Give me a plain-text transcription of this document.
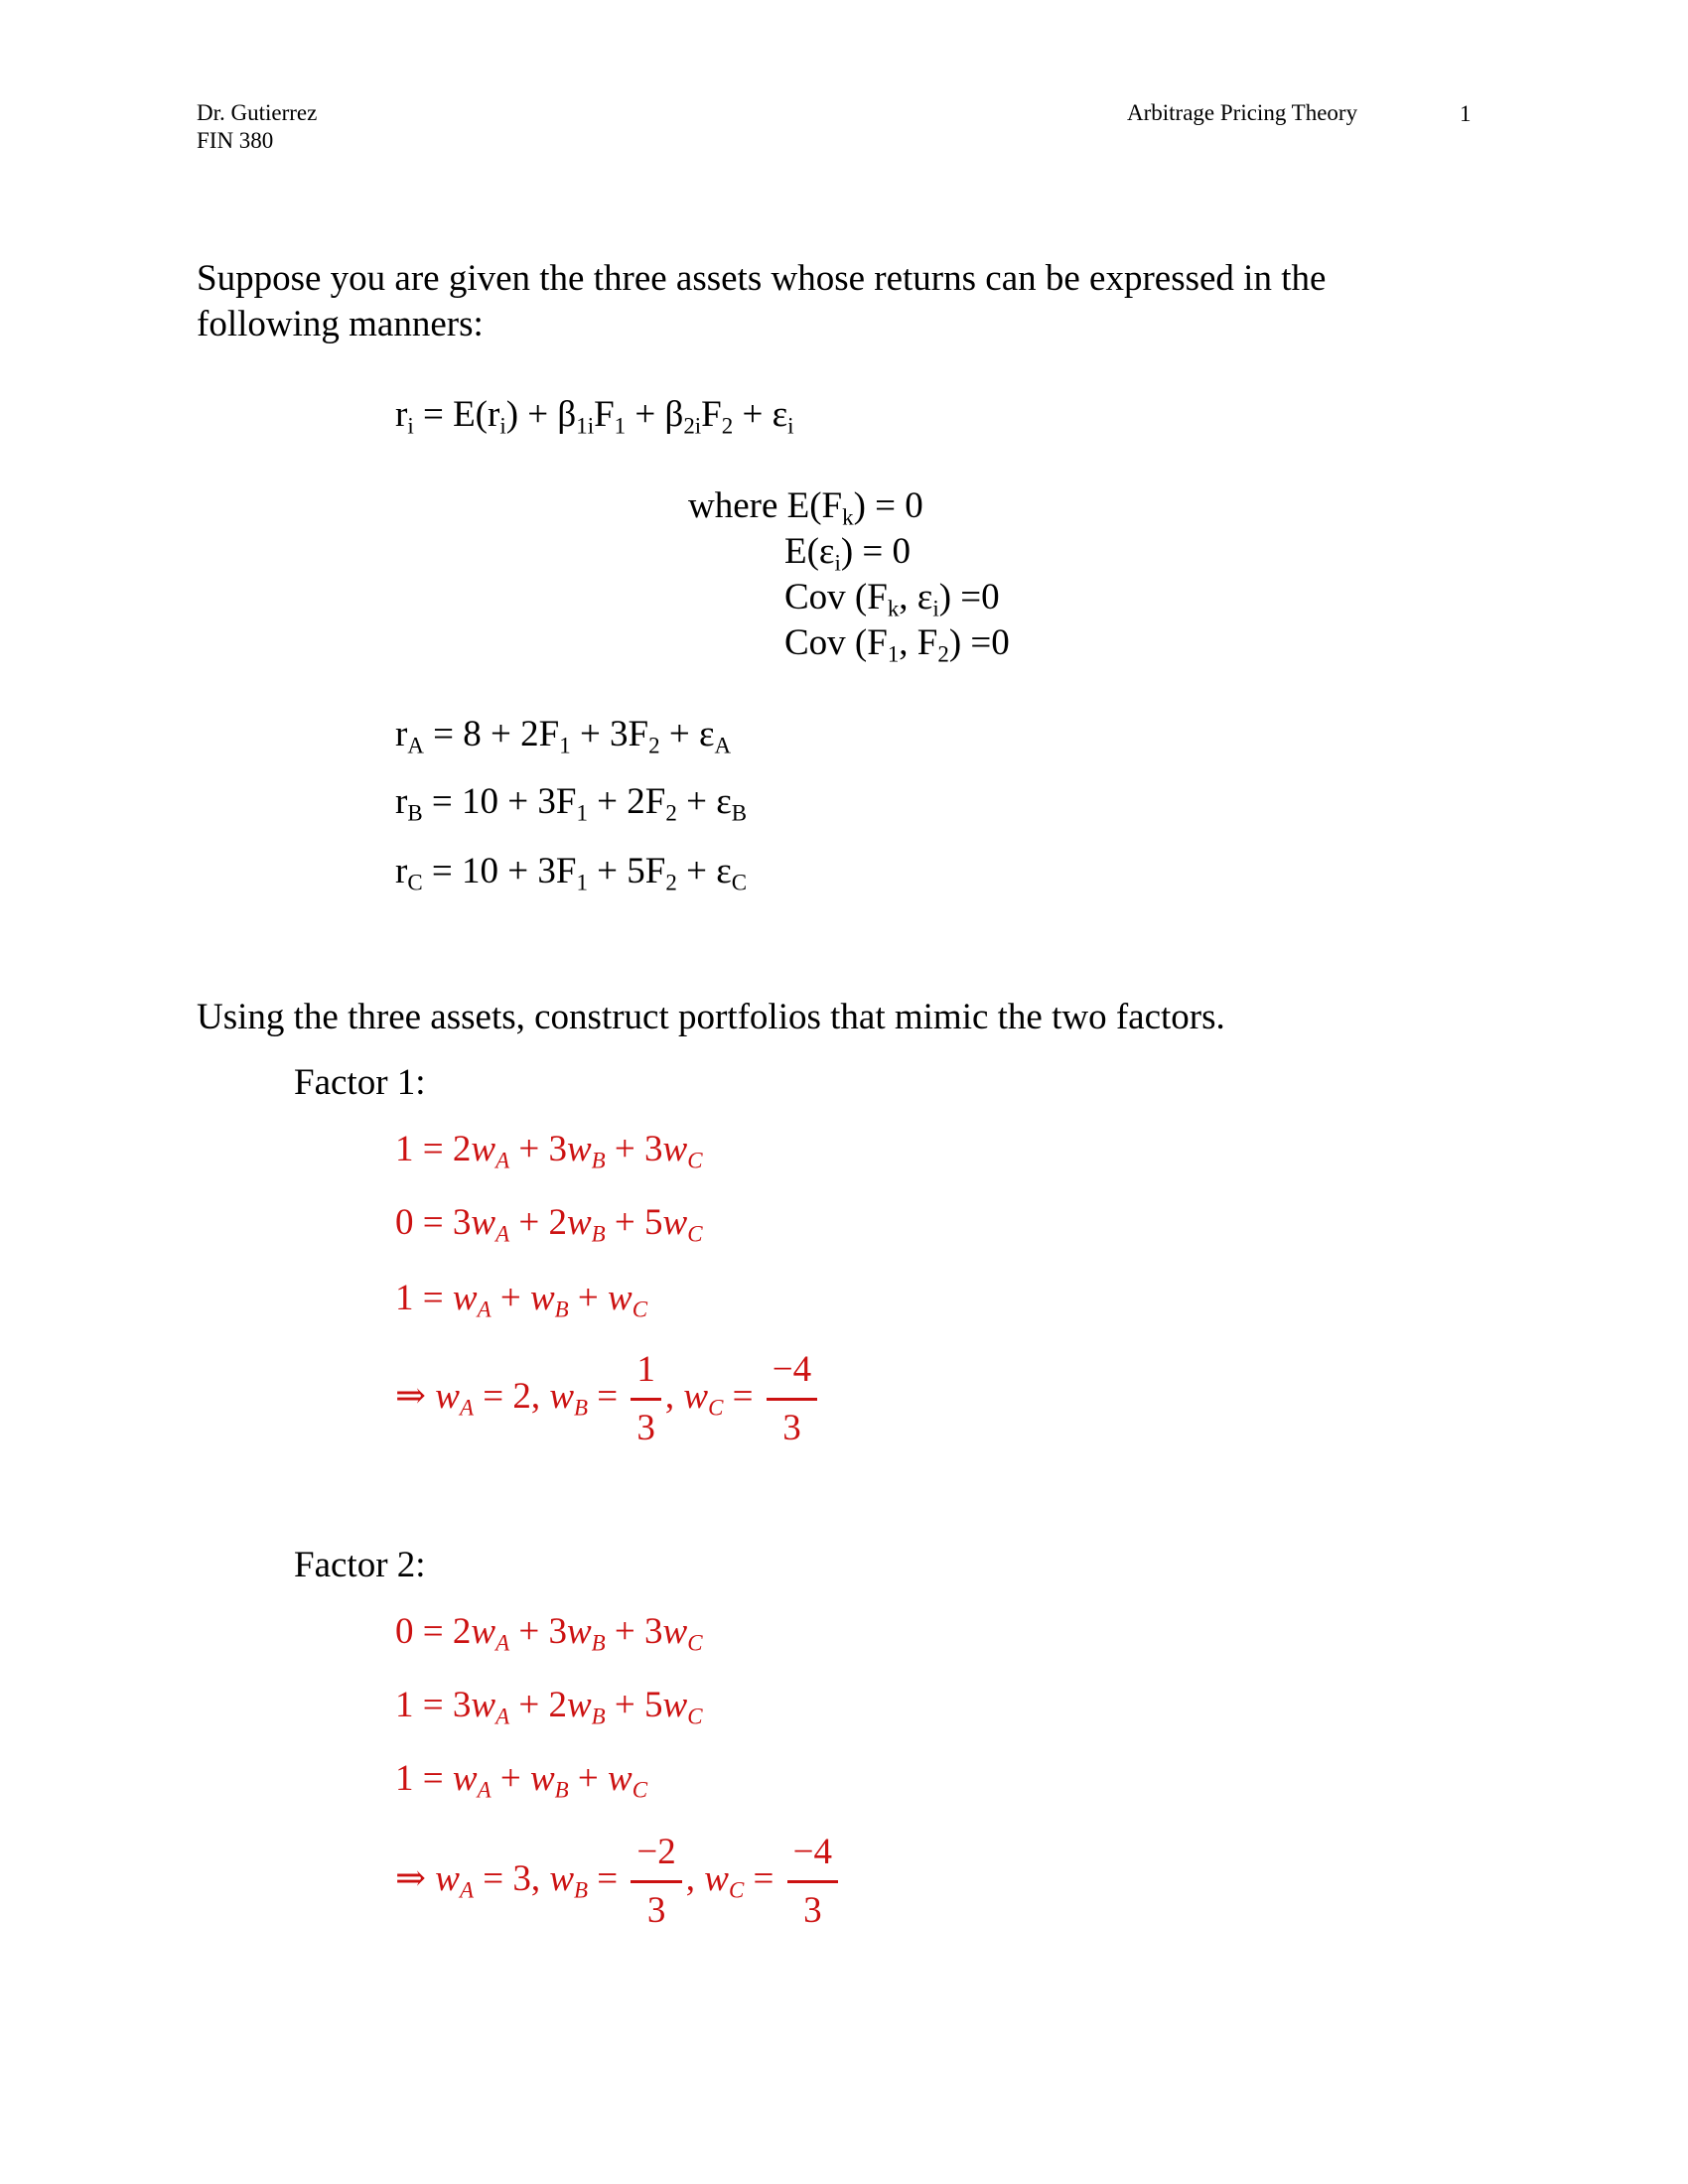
Dr. Gutierrez
FIN 380
Arbitrage Pricing Theory	1
Suppose you are given the three assets whose returns can be expressed in the
following manners:
$r_i = E(r_i) + \beta_{1i}F_1 + \beta_{2i}F_2 + \varepsilon_i$
where $E(F_k) = 0$
$E(\varepsilon_i) = 0$
Cov ($F_k$, $\varepsilon_i) =0$
Cov ($F_1$, $F_2) =0$
$r_A = 8 + 2F_1 + 3F_2 + \varepsilon_A$
$r_B = 10 + 3F_1 + 2F_2 + \varepsilon_B$
$r_C = 10 + 3F_1 + 5F_2 + \varepsilon_C$
Using the three assets, construct portfolios that mimic the two factors.
Factor 1:
1 = 2wA + 3wB + 3wC
0 = 3wA + 2wB + 5wC
1 = wA + wB + wC
⇒ wA = 2, wB = $\frac{1}{3}$ , wC = $\frac{-4}{3}$
Factor 2:
0 = 2wA + 3wB + 3wC
1 = 3wA + 2wB + 5wC
1 = wA + wB + wC
⇒ wA = 3, wB = $\frac{-2}{3}$ , wC = $\frac{-4}{3}$
